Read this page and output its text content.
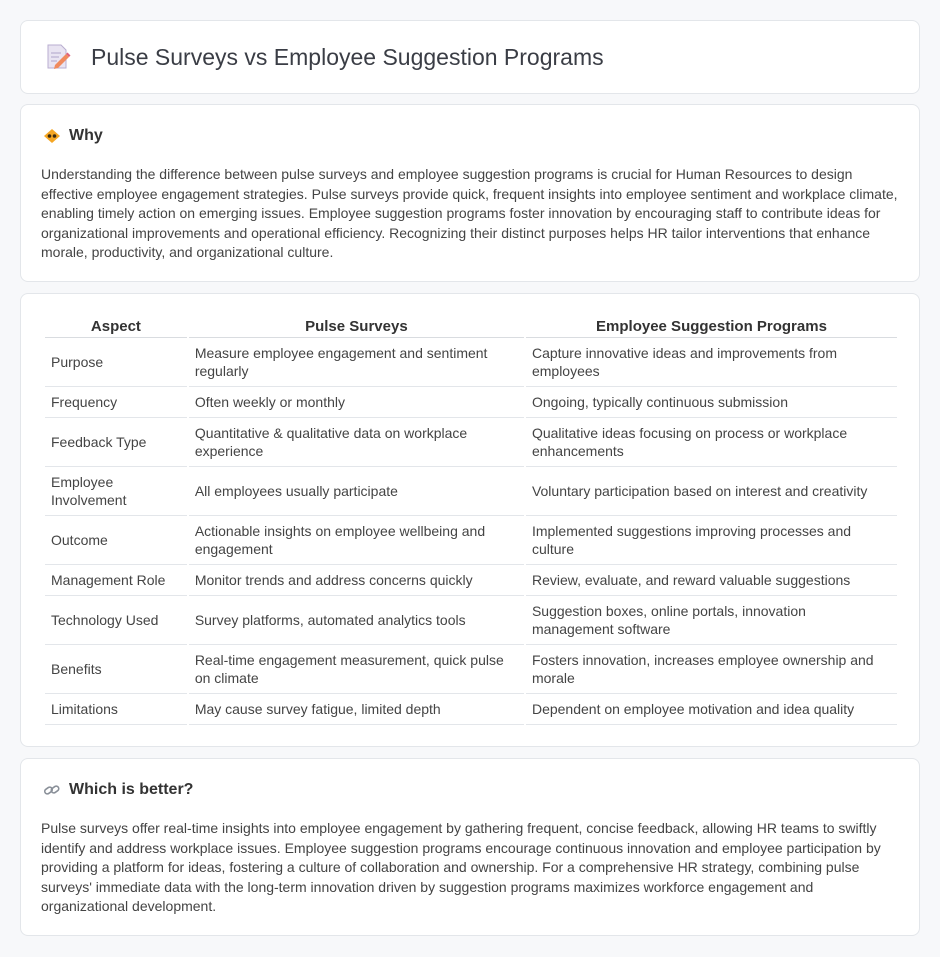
Pulse Surveys vs Employee Suggestion Programs
Why

Understanding the difference between pulse surveys and employee suggestion programs is crucial for Human Resources to design effective employee engagement strategies. Pulse surveys provide quick, frequent insights into employee sentiment and workplace climate, enabling timely action on emerging issues. Employee suggestion programs foster innovation by encouraging staff to contribute ideas for organizational improvements and operational efficiency. Recognizing their distinct purposes helps HR tailor interventions that enhance morale, productivity, and organizational culture.

Aspect	Pulse Surveys	Employee Suggestion Programs
Purpose	Measure employee engagement and sentiment regularly	Capture innovative ideas and improvements from employees
Frequency	Often weekly or monthly	Ongoing, typically continuous submission
Feedback Type	Quantitative & qualitative data on workplace experience	Qualitative ideas focusing on process or workplace enhancements
Employee Involvement	All employees usually participate	Voluntary participation based on interest and creativity
Outcome	Actionable insights on employee wellbeing and engagement	Implemented suggestions improving processes and culture
Management Role	Monitor trends and address concerns quickly	Review, evaluate, and reward valuable suggestions
Technology Used	Survey platforms, automated analytics tools	Suggestion boxes, online portals, innovation management software
Benefits	Real-time engagement measurement, quick pulse on climate	Fosters innovation, increases employee ownership and morale
Limitations	May cause survey fatigue, limited depth	Dependent on employee motivation and idea quality
Which is better?

Pulse surveys offer real-time insights into employee engagement by gathering frequent, concise feedback, allowing HR teams to swiftly identify and address workplace issues. Employee suggestion programs encourage continuous innovation and employee participation by providing a platform for ideas, fostering a culture of collaboration and ownership. For a comprehensive HR strategy, combining pulse surveys' immediate data with the long-term innovation driven by suggestion programs maximizes workforce engagement and organizational development.
